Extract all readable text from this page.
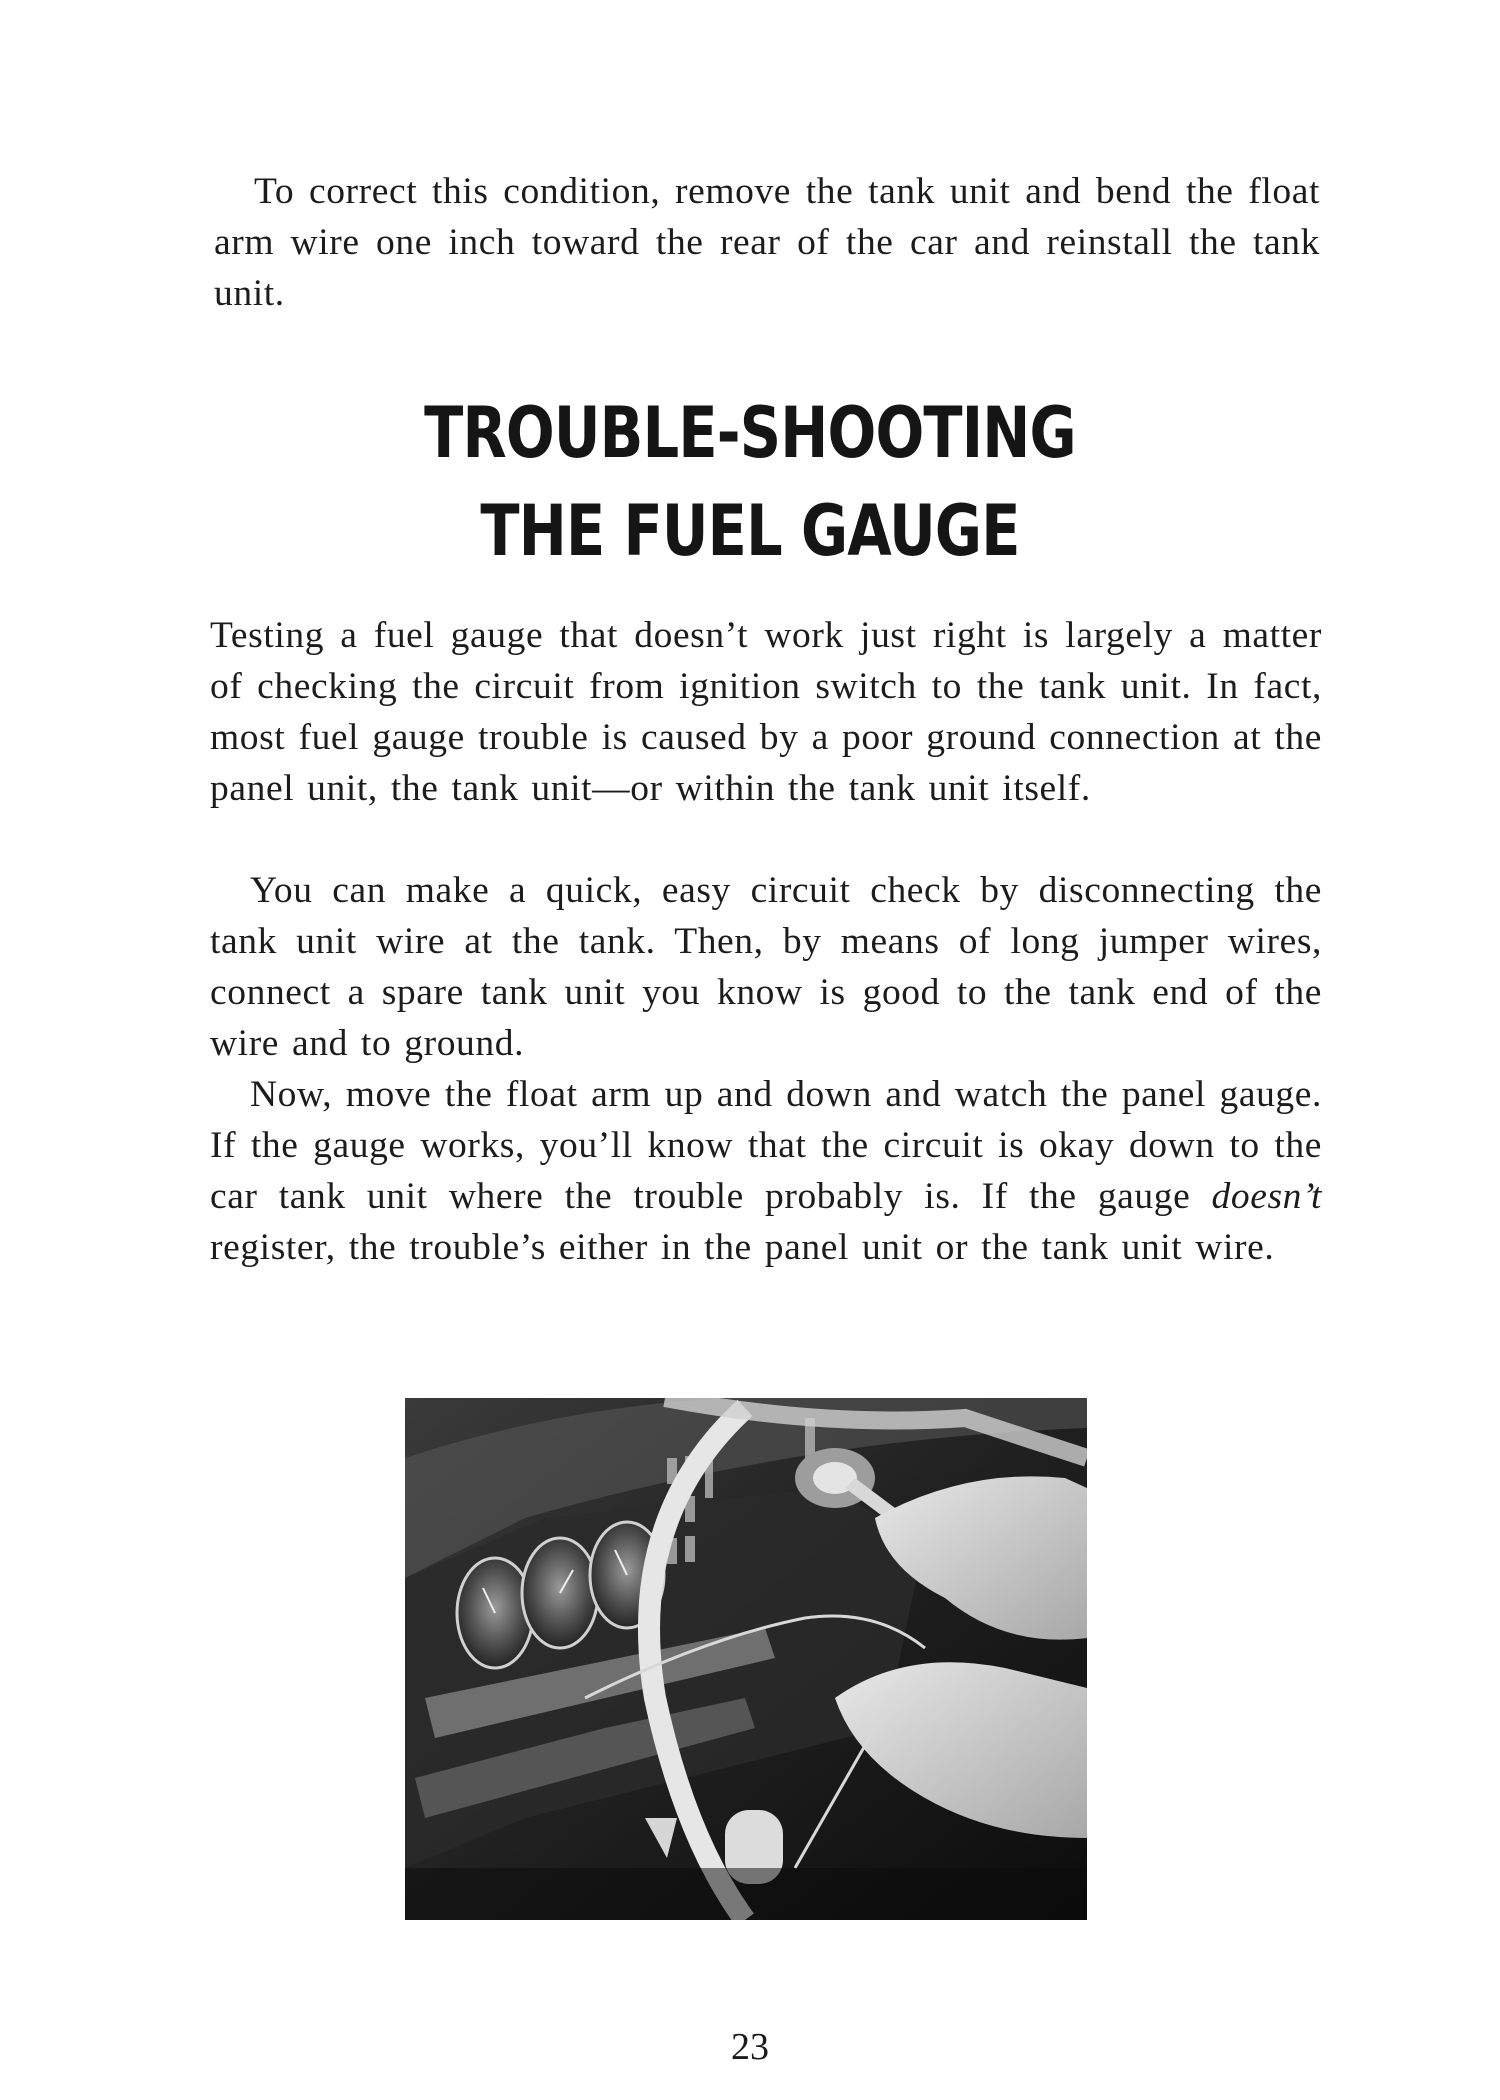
To correct this condition, remove the tank unit and bend the float arm wire one inch toward the rear of the car and reinstall the tank unit.

TROUBLE-SHOOTING
THE FUEL GAUGE

Testing a fuel gauge that doesn’t work just right is largely a matter of checking the circuit from ignition switch to the tank unit. In fact, most fuel gauge trouble is caused by a poor ground connection at the panel unit, the tank unit—or within the tank unit itself.

You can make a quick, easy circuit check by disconnecting the tank unit wire at the tank. Then, by means of long jumper wires, connect a spare tank unit you know is good to the tank end of the wire and to ground.

Now, move the float arm up and down and watch the panel gauge. If the gauge works, you’ll know that the circuit is okay down to the car tank unit where the trouble probably is. If the gauge doesn’t register, the trouble’s either in the panel unit or the tank unit wire.

23
